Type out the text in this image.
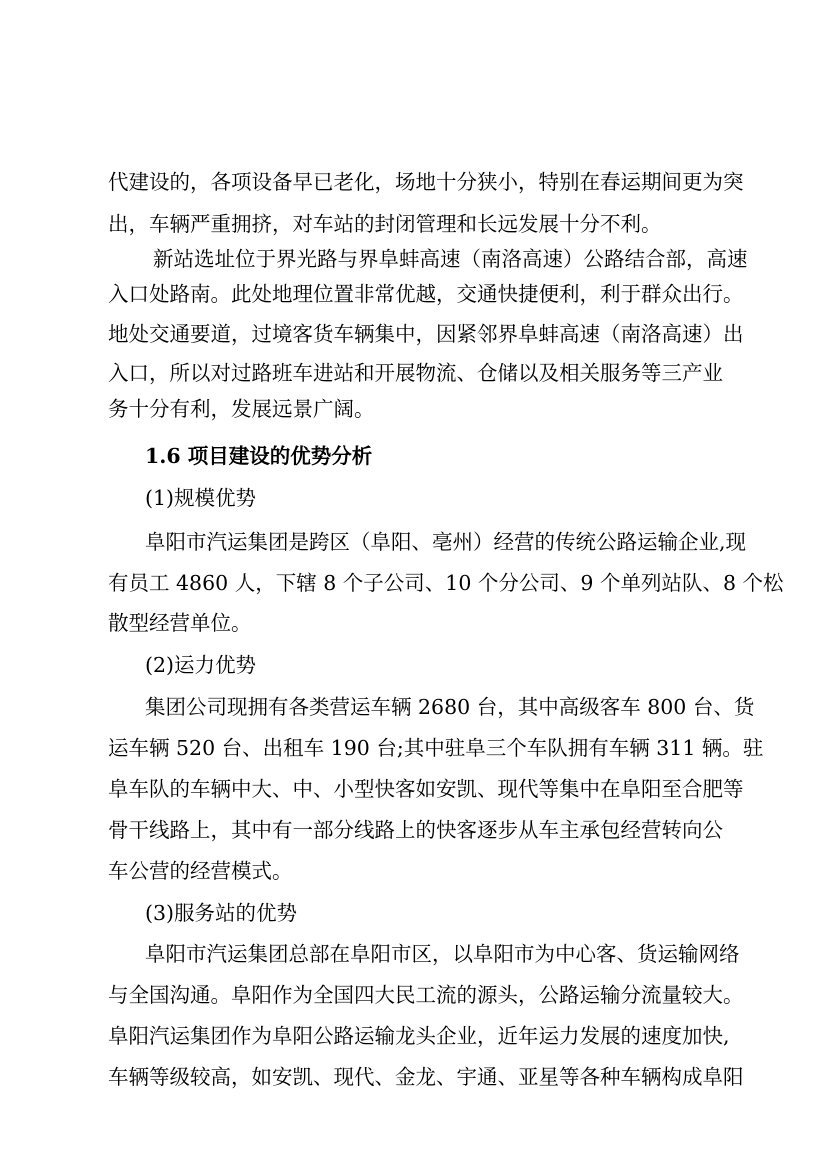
代建设的，各项设备早已老化，场地十分狭小，特别在春运期间更为突

出，车辆严重拥挤，对车站的封闭管理和长远发展十分不利。

新站选址位于界光路与界阜蚌高速（南洛高速）公路结合部，高速

入口处路南。此处地理位置非常优越，交通快捷便利，利于群众出行。

地处交通要道，过境客货车辆集中，因紧邻界阜蚌高速（南洛高速）出

入口，所以对过路班车进站和开展物流、仓储以及相关服务等三产业

务十分有利，发展远景广阔。

1.6 项目建设的优势分析

(1)规模优势

阜阳市汽运集团是跨区（阜阳、亳州）经营的传统公路运输企业,现

有员工 4860 人，下辖 8 个子公司、10 个分公司、9 个单列站队、8 个松

散型经营单位。

(2)运力优势

集团公司现拥有各类营运车辆 2680 台，其中高级客车 800 台、货

运车辆 520 台、出租车 190 台;其中驻阜三个车队拥有车辆 311 辆。驻

阜车队的车辆中大、中、小型快客如安凯、现代等集中在阜阳至合肥等

骨干线路上，其中有一部分线路上的快客逐步从车主承包经营转向公

车公营的经营模式。

(3)服务站的优势

阜阳市汽运集团总部在阜阳市区，以阜阳市为中心客、货运输网络

与全国沟通。阜阳作为全国四大民工流的源头，公路运输分流量较大。

阜阳汽运集团作为阜阳公路运输龙头企业，近年运力发展的速度加快,

车辆等级较高，如安凯、现代、金龙、宇通、亚星等各种车辆构成阜阳
